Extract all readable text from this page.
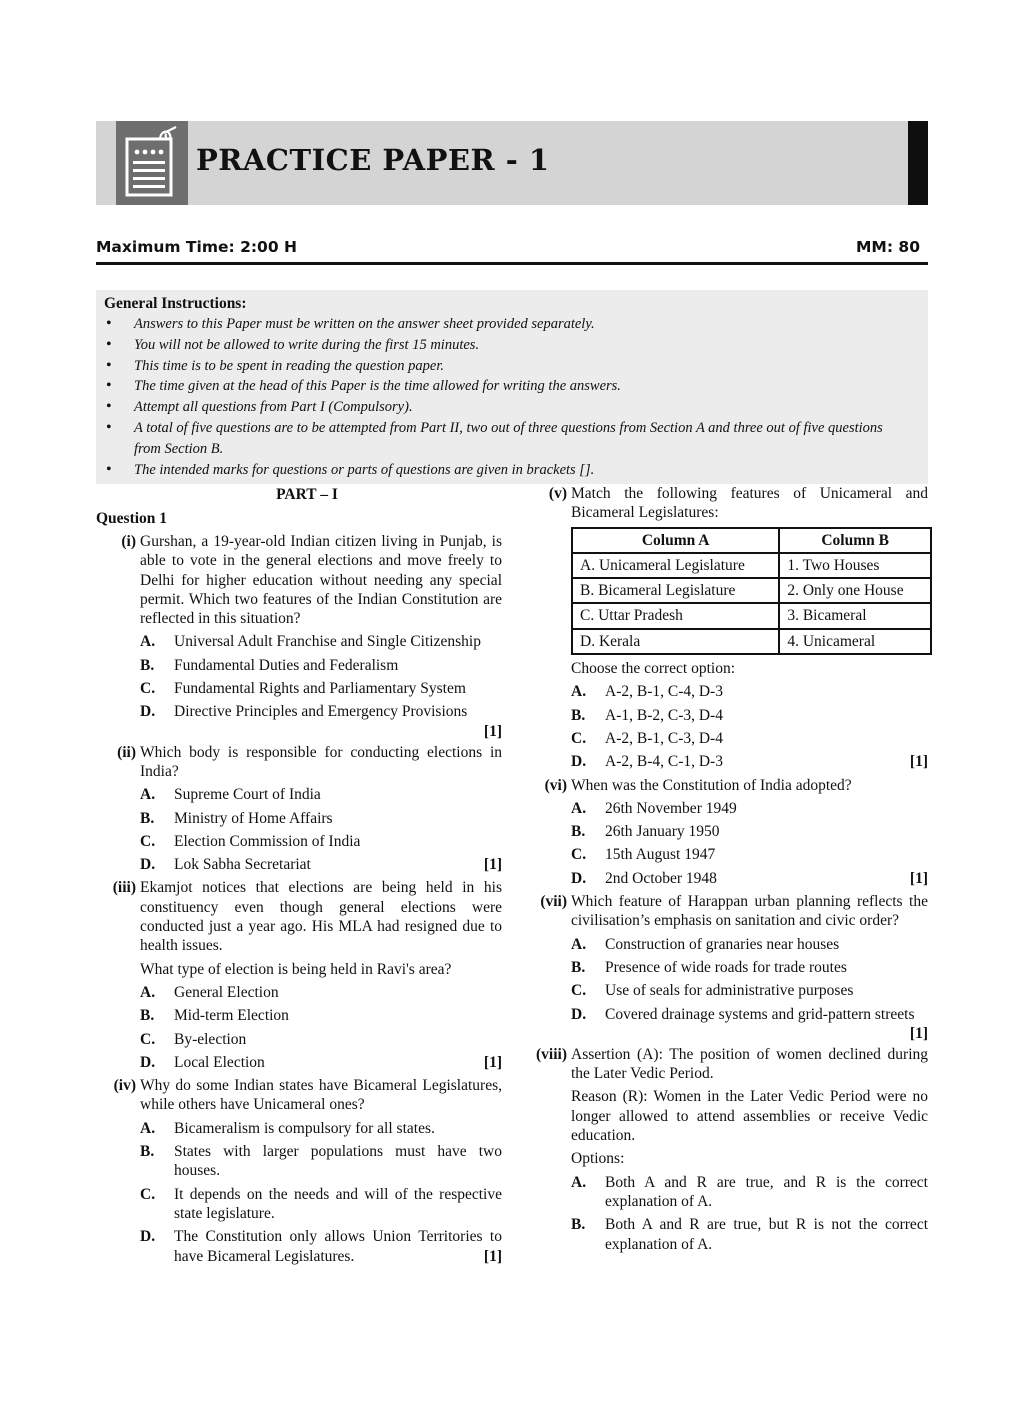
PRACTICE PAPER - 1
Maximum Time: 2:00 H	MM: 80
General Instructions:
• Answers to this Paper must be written on the answer sheet provided separately.
• You will not be allowed to write during the first 15 minutes.
• This time is to be spent in reading the question paper.
• The time given at the head of this Paper is the time allowed for writing the answers.
• Attempt all questions from Part I (Compulsory).
• A total of five questions are to be attempted from Part II, two out of three questions from Section A and three out of five questions from Section B.
• The intended marks for questions or parts of questions are given in brackets [].
PART – I
Question 1
(i) Gurshan, a 19-year-old Indian citizen living in Punjab, is able to vote in the general elections and move freely to Delhi for higher education without needing any special permit. Which two features of the Indian Constitution are reflected in this situation?

A. Universal Adult Franchise and Single Citizenship
B. Fundamental Duties and Federalism
C. Fundamental Rights and Parliamentary System
D. Directive Principles and Emergency Provisions
[1]
(ii) Which body is responsible for conducting elections in India?

A. Supreme Court of India
B. Ministry of Home Affairs
C. Election Commission of India
D. Lok Sabha Secretariat	[1]
(iii) Ekamjot notices that elections are being held in his constituency even though general elections were conducted just a year ago. His MLA had resigned due to health issues.

What type of election is being held in Ravi's area?

A. General Election
B. Mid-term Election
C. By-election
D. Local Election	[1]
(iv) Why do some Indian states have Bicameral Legislatures, while others have Unicameral ones?

A. Bicameralism is compulsory for all states.
B. States with larger populations must have two houses.
C. It depends on the needs and will of the respective state legislature.
D. The Constitution only allows Union Territories to have Bicameral Legislatures.	[1]
(v) Match the following features of Unicameral and Bicameral Legislatures:

Column A	Column B
A. Unicameral Legislature	1. Two Houses
B. Bicameral Legislature	2. Only one House
C. Uttar Pradesh	3. Bicameral
D. Kerala	4. Unicameral

Choose the correct option:

A. A-2, B-1, C-4, D-3
B. A-1, B-2, C-3, D-4
C. A-2, B-1, C-3, D-4
D. A-2, B-4, C-1, D-3	[1]
(vi) When was the Constitution of India adopted?

A. 26th November 1949
B. 26th January 1950
C. 15th August 1947
D. 2nd October 1948	[1]
(vii) Which feature of Harappan urban planning reflects the civilisation’s emphasis on sanitation and civic order?

A. Construction of granaries near houses
B. Presence of wide roads for trade routes
C. Use of seals for administrative purposes
D. Covered drainage systems and grid-pattern streets
[1]
(viii) Assertion (A): The position of women declined during the Later Vedic Period.

Reason (R): Women in the Later Vedic Period were no longer allowed to attend assemblies or receive Vedic education.

Options:

A. Both A and R are true, and R is the correct explanation of A.
B. Both A and R are true, but R is not the correct explanation of A.
